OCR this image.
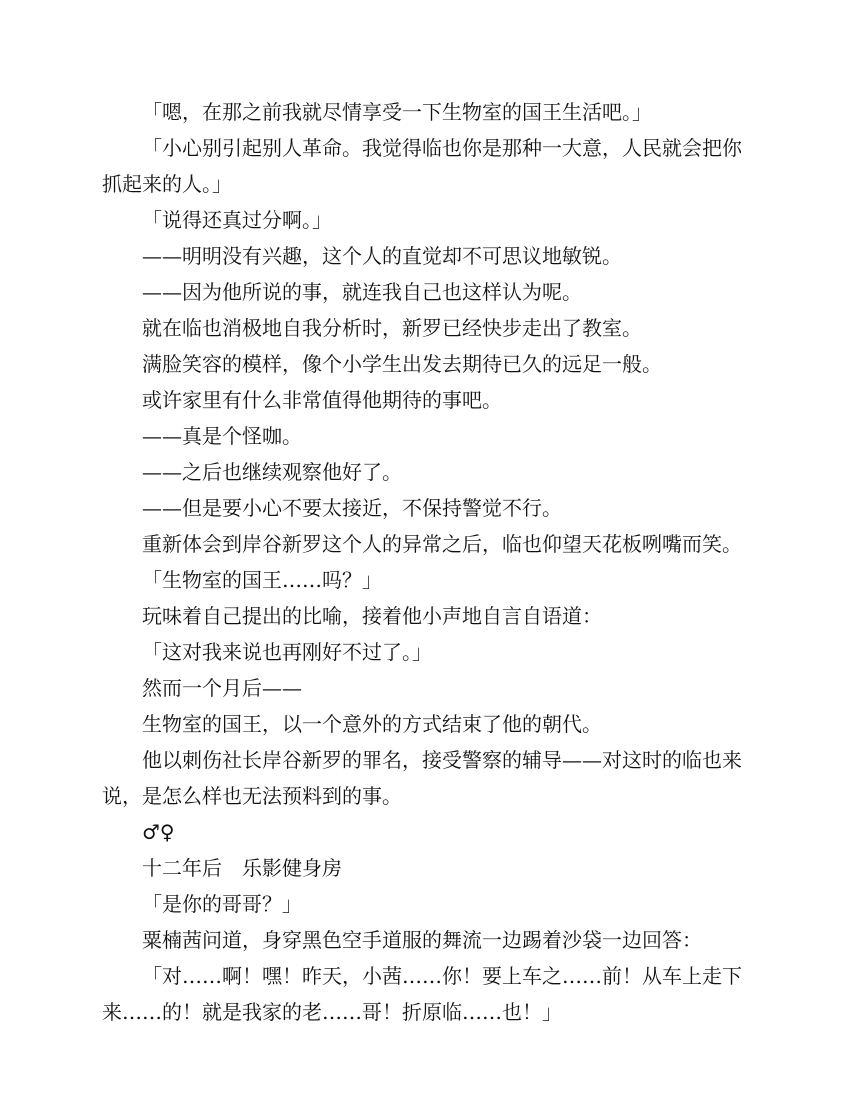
「嗯，在那之前我就尽情享受一下生物室的国王生活吧。」

「小心别引起别人革命。我觉得临也你是那种一大意，人民就会把你抓起来的人。」

「说得还真过分啊。」

——明明没有兴趣，这个人的直觉却不可思议地敏锐。

——因为他所说的事，就连我自己也这样认为呢。

就在临也消极地自我分析时，新罗已经快步走出了教室。

满脸笑容的模样，像个小学生出发去期待已久的远足一般。

或许家里有什么非常值得他期待的事吧。

——真是个怪咖。

——之后也继续观察他好了。

——但是要小心不要太接近，不保持警觉不行。

重新体会到岸谷新罗这个人的异常之后，临也仰望天花板咧嘴而笑。

「生物室的国王……吗？」

玩味着自己提出的比喻，接着他小声地自言自语道：

「这对我来说也再刚好不过了。」

然而一个月后——

生物室的国王，以一个意外的方式结束了他的朝代。

他以刺伤社长岸谷新罗的罪名，接受警察的辅导——对这时的临也来说，是怎么样也无法预料到的事。

♂♀

十二年后　乐影健身房

「是你的哥哥？」

粟楠茜问道，身穿黑色空手道服的舞流一边踢着沙袋一边回答：

「对……啊！嘿！昨天，小茜……你！要上车之……前！从车上走下来……的！就是我家的老……哥！折原临……也！」
